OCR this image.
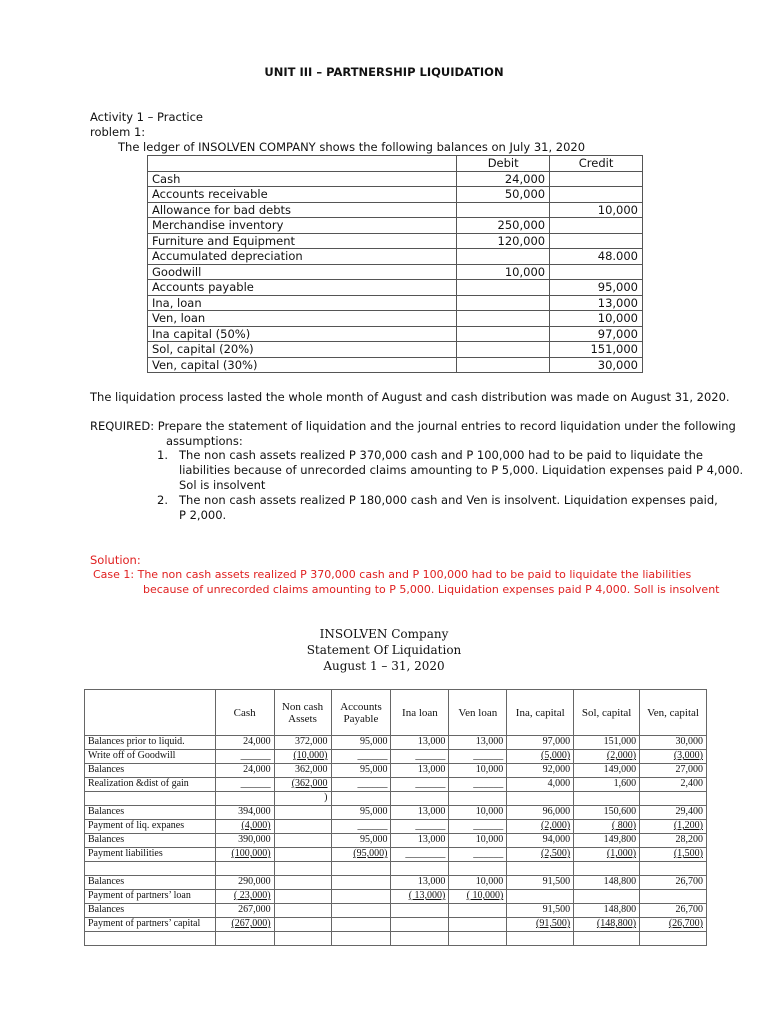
UNIT III – PARTNERSHIP LIQUIDATION
Activity 1 – Practice
roblem 1:
The ledger of INSOLVEN COMPANY shows the following balances on July 31, 2020
	Debit	Credit
Cash	24,000	
Accounts receivable	50,000	
Allowance for bad debts		10,000
Merchandise inventory	250,000	
Furniture and Equipment	120,000	
Accumulated depreciation		48.000
Goodwill	10,000	
Accounts payable		95,000
Ina, loan		13,000
Ven, loan		10,000
Ina capital (50%)		97,000
Sol, capital (20%)		151,000
Ven, capital (30%)		30,000
The liquidation process lasted the whole month of August and cash distribution was made on August 31, 2020.
REQUIRED: Prepare the statement of liquidation and the journal entries to record liquidation under the following
assumptions:
1. The non cash assets realized P 370,000 cash and P 100,000 had to be paid to liquidate the
liabilities because of unrecorded claims amounting to P 5,000. Liquidation expenses paid P 4,000.
Sol is insolvent
2. The non cash assets realized P 180,000 cash and Ven is insolvent. Liquidation expenses paid,
P 2,000.
Solution:
Case 1: The non cash assets realized P 370,000 cash and P 100,000 had to be paid to liquidate the liabilities
because of unrecorded claims amounting to P 5,000. Liquidation expenses paid P 4,000. Soll is insolvent
INSOLVEN Company
Statement Of Liquidation
August 1 – 31, 2020
	Cash	Non cash Assets	Accounts Payable	Ina loan	Ven loan	Ina, capital	Sol, capital	Ven, capital
Balances prior to liquid.	24,000	372,000	95,000	13,000	13,000	97,000	151,000	30,000
Write off of Goodwill	______	(10,000)	______	______	______	(5,000)	(2,000)	(3,000)
Balances	24,000	362,000	95,000	13,000	10,000	92,000	149,000	27,000
Realization &dist of gain	______	(362,000	______	______	______	4,000	1,600	2,400
		)						
Balances	394,000		95,000	13,000	10,000	96,000	150,600	29,400
Payment of liq. expanes	(4,000)		______	______	______	(2,000)	( 800)	(1,200)
Balances	390,000		95,000	13,000	10,000	94,000	149,800	28,200
Payment liabilities	(100,000)		(95,000)	________	______	(2,500)	(1,000)	(1,500)

Balances	290,000			13,000	10,000	91,500	148,800	26,700
Payment of partners’ loan	( 23,000)			( 13,000)	( 10,000)			
Balances	267,000					91,500	148,800	26,700
Payment of partners’ capital	(267,000)					(91,500)	(148,800)	(26,700)
